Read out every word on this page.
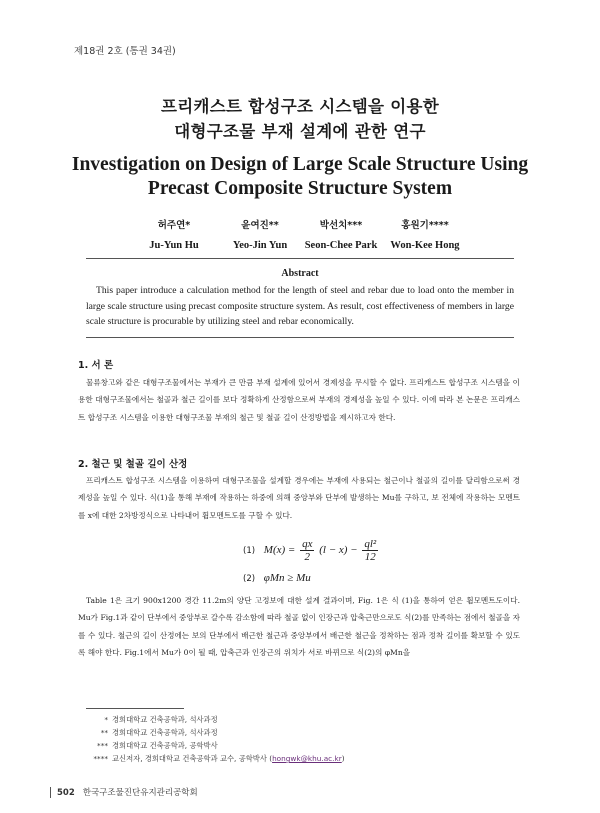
제18권 2호 (통권 34권)
프리캐스트 합성구조 시스템을 이용한
대형구조물 부재 설계에 관한 연구
Investigation on Design of Large Scale Structure Using
Precast Composite Structure System
허주연*
Ju-Yun Hu
윤여진**
Yeo-Jin Yun
박선치***
Seon-Chee Park
홍원기****
Won-Kee Hong
Abstract
This paper introduce a calculation method for the length of steel and rebar due to load onto the member in large scale structure using precast composite structure system. As result, cost effectiveness of members in large scale structure is procurable by utilizing steel and rebar economically.
1. 서 론
물류창고와 같은 대형구조물에서는 부재가 큰 만큼 부재 설계에 있어서 경제성을 무시할 수 없다. 프리캐스트 합성구조 시스템을 이용한 대형구조물에서는 철골과 철근 길이를 보다 정확하게 산정함으로써 부재의 경제성을 높일 수 있다. 이에 따라 본 논문은 프리캐스트 합성구조 시스템을 이용한 대형구조물 부재의 철근 및 철골 길이 산정방법을 제시하고자 한다.
2. 철근 및 철골 길이 산정
프리캐스트 합성구조 시스템을 이용하여 대형구조물을 설계할 경우에는 부재에 사용되는 철근이나 철골의 길이를 달리함으로써 경제성을 높일 수 있다. 식(1)을 통해 부재에 작용하는 하중에 의해 중앙부와 단부에 발생하는 Mu를 구하고, 보 전체에 작용하는 모멘트를 x에 대한 2차방정식으로 나타내어 휨모멘트도를 구할 수 있다.
(1) $M(x) = \frac{qx}{2} (l - x) - \frac{\text{ql²}}{12}$
(2) φMn ≥ Mu
Table 1은 크기 900x1200 경간 11.2m의 양단 고정보에 대한 설계 결과이며, Fig. 1은 식 (1)을 통하여 얻은 휨모멘트도이다. Mu가 Fig.1과 같이 단부에서 중앙부로 갈수록 감소함에 따라 철골 없이 인장근과 압축근만으로도 식(2)를 만족하는 점에서 철골을 자를 수 있다. 철근의 길이 산정에는 보의 단부에서 배근한 철근과 중앙부에서 배근한 철근을 정착하는 점과 정착 길이를 확보할 수 있도록 해야 한다. Fig.1에서 Mu가 0이 될 때, 압축근과 인장근의 위치가 서로 바뀌므로 식(2)의 φMn을
* 경희대학교 건축공학과, 석사과정
** 경희대학교 건축공학과, 석사과정
*** 경희대학교 건축공학과, 공학박사
**** 교신저자, 경희대학교 건축공학과 교수, 공학박사 (hongwk@khu.ac.kr)
502 한국구조물진단유지관리공학회
